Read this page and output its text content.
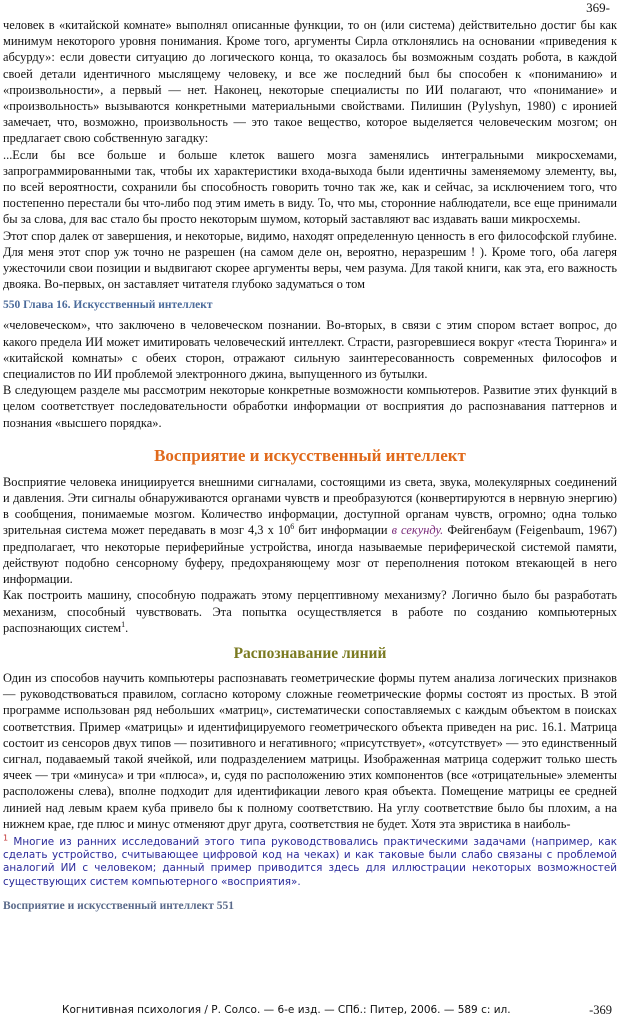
369-

человек в «китайской комнате» выполнял описанные функции, то он (или система) действительно достиг бы как минимум некоторого уровня понимания. Кроме того, аргументы Сирла отклонялись на основании «приведения к абсурду»: если довести ситуацию до логического конца, то оказалось бы возможным создать робота, в каждой своей детали идентичного мыслящему человеку, и все же последний был бы способен к «пониманию» и «произвольности», а первый — нет. Наконец, некоторые специалисты по ИИ полагают, что «понимание» и «произвольность» вызываются конкретными материальными свойствами. Пилишин (Pylyshyn, 1980) с иронией замечает, что, возможно, произвольность — это такое вещество, которое выделяется человеческим мозгом; он предлагает свою собственную загадку:

...Если бы все больше и больше клеток вашего мозга заменялись интегральными микросхемами, запрограммированными так, чтобы их характеристики входа-выхода были идентичны заменяемому элементу, вы, по всей вероятности, сохранили бы способность говорить точно так же, как и сейчас, за исключением того, что постепенно перестали бы что-либо под этим иметь в виду. То, что мы, сторонние наблюдатели, все еще принимали бы за слова, для вас стало бы просто некоторым шумом, который заставляют вас издавать ваши микросхемы.

Этот спор далек от завершения, и некоторые, видимо, находят определенную ценность в его философской глубине. Для меня этот спор уж точно не разрешен (на самом деле он, вероятно, неразрешим ! ). Кроме того, оба лагеря ужесточили свои позиции и выдвигают скорее аргументы веры, чем разума. Для такой книги, как эта, его важность двояка. Во-первых, он заставляет читателя глубоко задуматься о том

550 Глава 16. Искусственный интеллект

«человеческом», что заключено в человеческом познании. Во-вторых, в связи с этим спором встает вопрос, до какого предела ИИ может имитировать человеческий интеллект. Страсти, разгоревшиеся вокруг «теста Тюринга» и «китайской комнаты» с обеих сторон, отражают сильную заинтересованность современных философов и специалистов по ИИ проблемой электронного джина, выпущенного из бутылки.

В следующем разделе мы рассмотрим некоторые конкретные возможности компьютеров. Развитие этих функций в целом соответствует последовательности обработки информации от восприятия до распознавания паттернов и познания «высшего порядка».

Восприятие и искусственный интеллект

Восприятие человека инициируется внешними сигналами, состоящими из света, звука, молекулярных соединений и давления. Эти сигналы обнаруживаются органами чувств и преобразуются (конвертируются в нервную энергию) в сообщения, понимаемые мозгом. Количество информации, доступной органам чувств, огромно; одна только зрительная система может передавать в мозг 4,3 х $10^6$ бит информации в секунду. Фейгенбаум (Feigenbaum, 1967) предполагает, что некоторые периферийные устройства, иногда называемые периферической системой памяти, действуют подобно сенсорному буферу, предохраняющему мозг от переполнения потоком втекающей в него информации.

Как построить машину, способную подражать этому перцептивному механизму? Логично было бы разработать механизм, способный чувствовать. Эта попытка осуществляется в работе по созданию компьютерных распознающих систем$^1$.

Распознавание линий

Один из способов научить компьютеры распознавать геометрические формы путем анализа логических признаков — руководствоваться правилом, согласно которому сложные геометрические формы состоят из простых. В этой программе использован ряд небольших «матриц», систематически сопоставляемых с каждым объектом в поисках соответствия. Пример «матрицы» и идентифицируемого геометрического объекта приведен на рис. 16.1. Матрица состоит из сенсоров двух типов — позитивного и негативного; «присутствует», «отсутствует» — это единственный сигнал, подаваемый такой ячейкой, или подразделением матрицы. Изображенная матрица содержит только шесть ячеек — три «минуса» и три «плюса», и, судя по расположению этих компонентов (все «отрицательные» элементы расположены слева), вполне подходит для идентификации левого края объекта. Помещение матрицы ее средней линией над левым краем куба привело бы к полному соответствию. На углу соответствие было бы плохим, а на нижнем крае, где плюс и минус отменяют друг друга, соответствия не будет. Хотя эта эвристика в наиболь-

$^1$ Многие из ранних исследований этого типа руководствовались практическими задачами (например, как сделать устройство, считывающее цифровой код на чеках) и как таковые были слабо связаны с проблемой аналогий ИИ с человеком; данный пример приводится здесь для иллюстрации некоторых возможностей существующих систем компьютерного «восприятия».

Восприятие и искусственный интеллект 551
Когнитивная психология / Р. Солсо. — 6-е изд. — СПб.: Питер, 2006. — 589 с: ил.	-369
